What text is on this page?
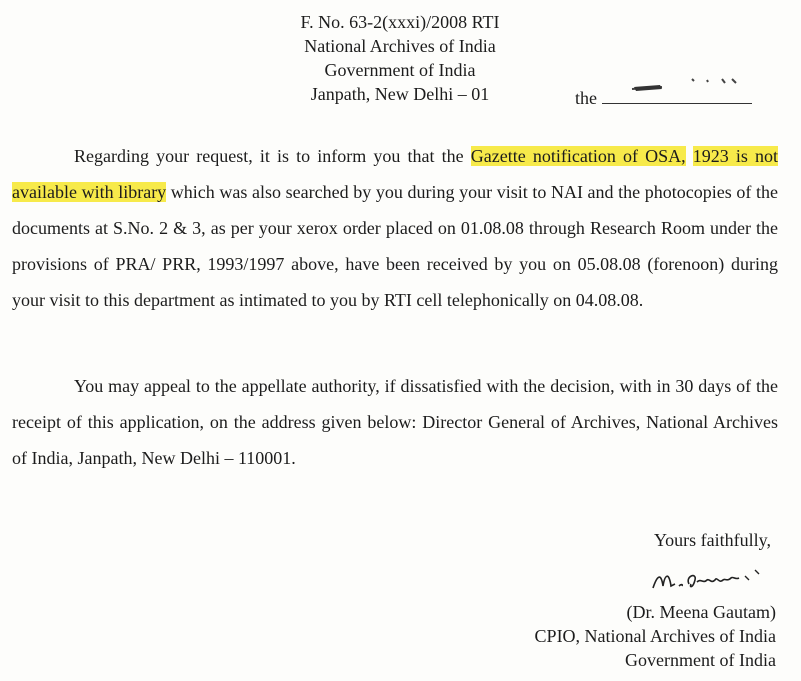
F. No. 63-2(xxxi)/2008 RTI
National Archives of India
Government of India
Janpath, New Delhi – 01	the

Regarding your request, it is to inform you that the Gazette notification of OSA, 1923 is not available with library which was also searched by you during your visit to NAI and the photocopies of the documents at S.No. 2 & 3, as per your xerox order placed on 01.08.08 through Research Room under the provisions of PRA/ PRR, 1993/1997 above, have been received by you on 05.08.08 (forenoon) during your visit to this department as intimated to you by RTI cell telephonically on 04.08.08.

You may appeal to the appellate authority, if dissatisfied with the decision, with in 30 days of the receipt of this application, on the address given below: Director General of Archives, National Archives of India, Janpath, New Delhi – 110001.

Yours faithfully,
(Dr. Meena Gautam)
CPIO, National Archives of India
Government of India
